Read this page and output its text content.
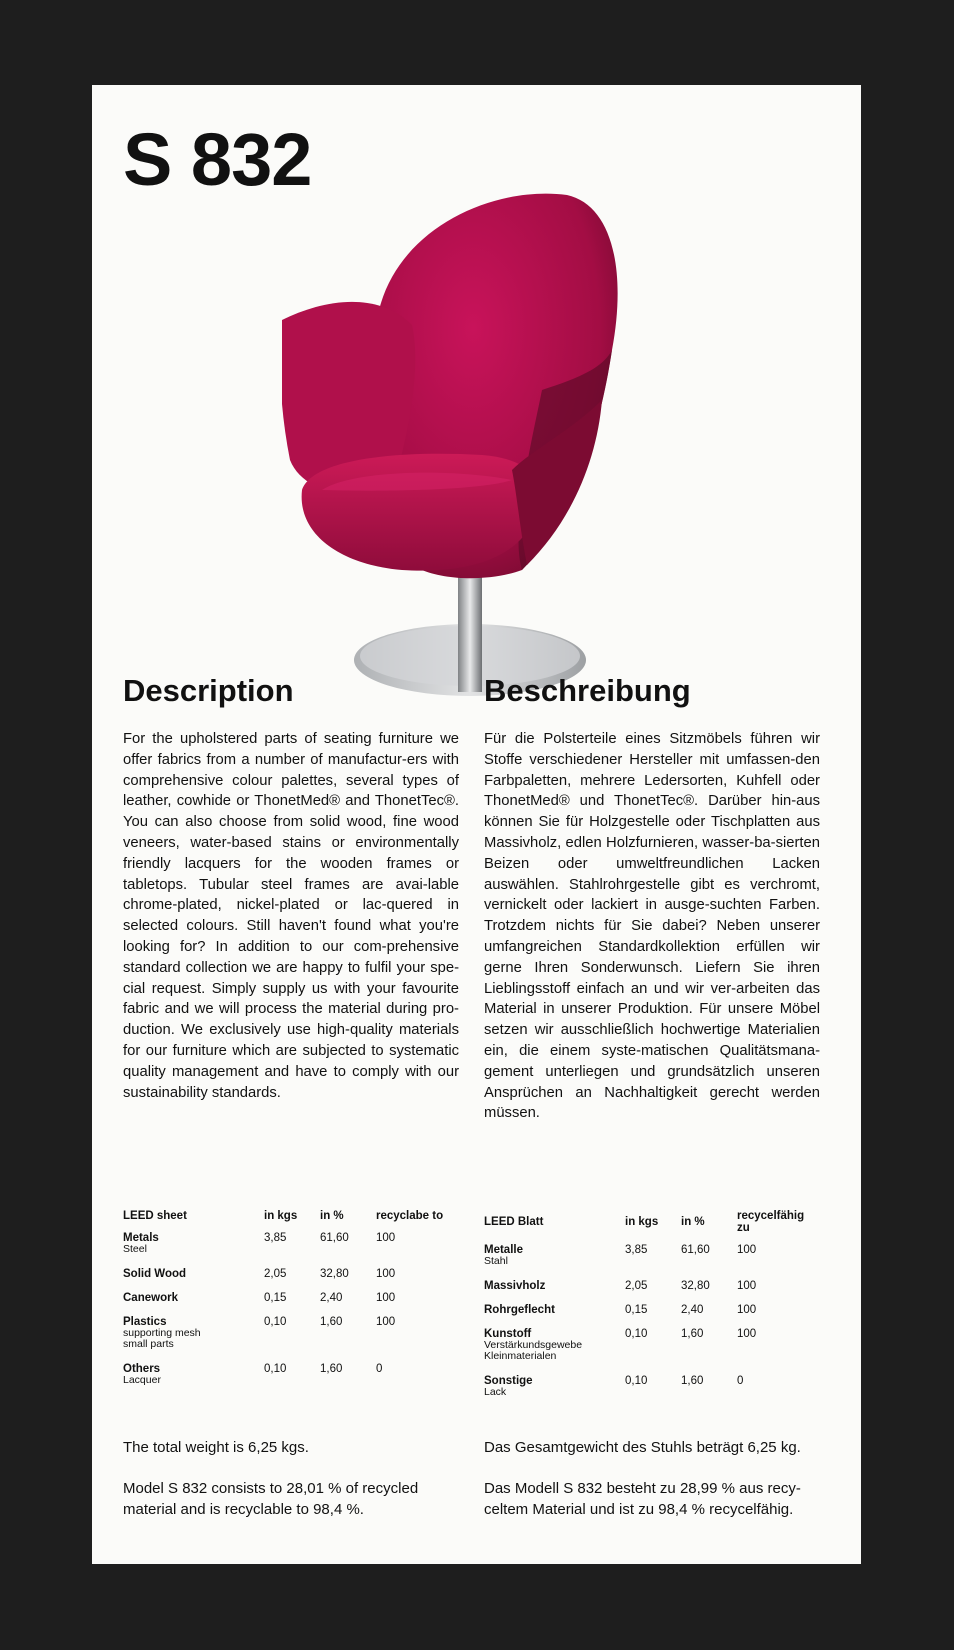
S 832
Description	Beschreibung

For the upholstered parts of seating furniture we offer fabrics from a number of manufactur-ers with comprehensive colour palettes, several types of leather, cowhide or ThonetMed® and ThonetTec®. You can also choose from solid wood, fine wood veneers, water-based stains or environmentally friendly lacquers for the wooden frames or tabletops. Tubular steel frames are avai-lable chrome-plated, nickel-plated or lac-quered in selected colours. Still haven't found what you're looking for? In addition to our com-prehensive standard collection we are happy to fulfil your spe-cial request. Simply supply us with your favourite fabric and we will process the material during pro-duction. We exclusively use high-quality materials for our furniture which are subjected to systematic quality management and have to comply with our sustainability standards.

Für die Polsterteile eines Sitzmöbels führen wir Stoffe verschiedener Hersteller mit umfassen-den Farbpaletten, mehrere Ledersorten, Kuhfell oder ThonetMed® und ThonetTec®. Darüber hin-aus können Sie für Holzgestelle oder Tischplatten aus Massivholz, edlen Holzfurnieren, wasser-ba-sierten Beizen oder umweltfreundlichen Lacken auswählen. Stahlrohrgestelle gibt es verchromt, vernickelt oder lackiert in ausge-suchten Farben. Trotzdem nichts für Sie dabei? Neben unserer umfangreichen Standardkollektion erfüllen wir gerne Ihren Sonderwunsch. Liefern Sie ihren Lieblingsstoff einfach an und wir ver-arbeiten das Material in unserer Produktion. Für unsere Möbel setzen wir ausschließlich hochwertige Materialien ein, die einem syste-matischen Qualitätsmana-gement unterliegen und grundsätzlich unseren Ansprüchen an Nachhaltigkeit gerecht werden müssen.

LEED sheet	in kgs	in %	recyclabe to

Metals
Steel	3,85	61,60	100

Solid Wood	2,05	32,80	100

Canework	0,15	2,40	100

Plastics
supporting mesh
small parts	0,10	1,60	100

Others
Lacquer	0,10	1,60	0
LEED Blatt	in kgs	in %	recycelfähig zu

Metalle
Stahl	3,85	61,60	100

Massivholz	2,05	32,80	100

Rohrgeflecht	0,15	2,40	100

Kunstoff
Verstärkundsgewebe
Kleinmaterialen	0,10	1,60	100

Sonstige
Lack	0,10	1,60	0

The total weight is 6,25 kgs.

Model S 832 consists to 28,01 % of recycled material and is recyclable to 98,4 %.

Das Gesamtgewicht des Stuhls beträgt 6,25 kg.

Das Modell S 832 besteht zu 28,99 % aus recy-celtem Material und ist zu 98,4 % recycelfähig.
